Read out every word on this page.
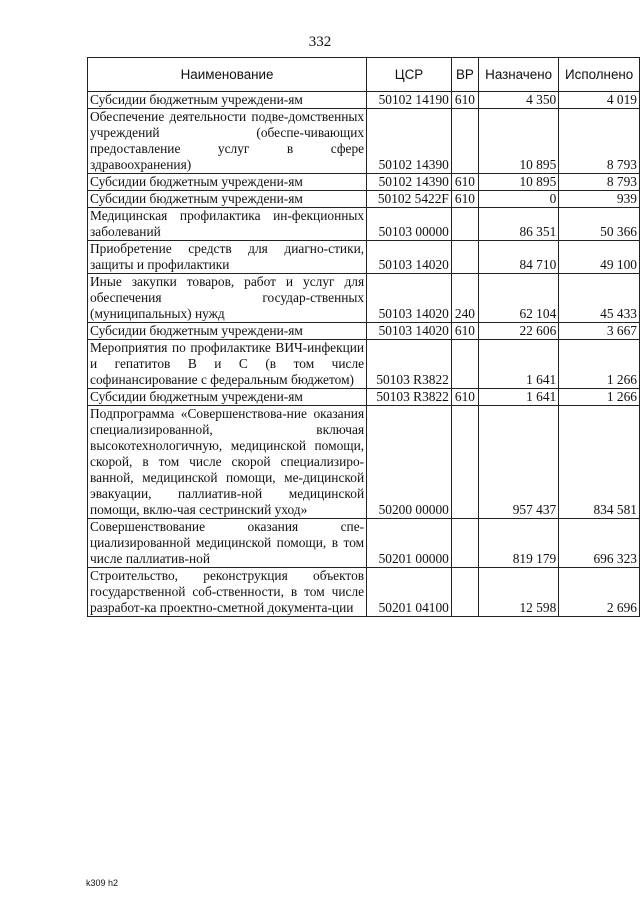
332
Наименование	ЦСР	ВР	Назначено	Исполнено
Субсидии бюджетным учреждени-ям	50102 14190	610	4 350	4 019
Обеспечение деятельности подве-домственных учреждений (обеспе-чивающих предоставление услуг в сфере здравоохранения)	50102 14390		10 895	8 793
Субсидии бюджетным учреждени-ям	50102 14390	610	10 895	8 793
Субсидии бюджетным учреждени-ям	50102 5422F	610	0	939
Медицинская профилактика ин-фекционных заболеваний	50103 00000		86 351	50 366
Приобретение средств для диагно-стики, защиты и профилактики	50103 14020		84 710	49 100
Иные закупки товаров, работ и услуг для обеспечения государ-ственных (муниципальных) нужд	50103 14020	240	62 104	45 433
Субсидии бюджетным учреждени-ям	50103 14020	610	22 606	3 667
Мероприятия по профилактике ВИЧ-инфекции и гепатитов В и С (в том числе софинансирование с федеральным бюджетом)	50103 R3822		1 641	1 266
Субсидии бюджетным учреждени-ям	50103 R3822	610	1 641	1 266
Подпрограмма «Совершенствова-ние оказания специализированной, включая высокотехнологичную, медицинской помощи, скорой, в том числе скорой специализиро-ванной, медицинской помощи, ме-дицинской эвакуации, паллиатив-ной медицинской помощи, вклю-чая сестринский уход»	50200 00000		957 437	834 581
Совершенствование оказания спе-циализированной медицинской помощи, в том числе паллиатив-ной	50201 00000		819 179	696 323
Строительство, реконструкция объектов государственной соб-ственности, в том числе разработ-ка проектно-сметной документа-ции	50201 04100		12 598	2 696
k309 h2
